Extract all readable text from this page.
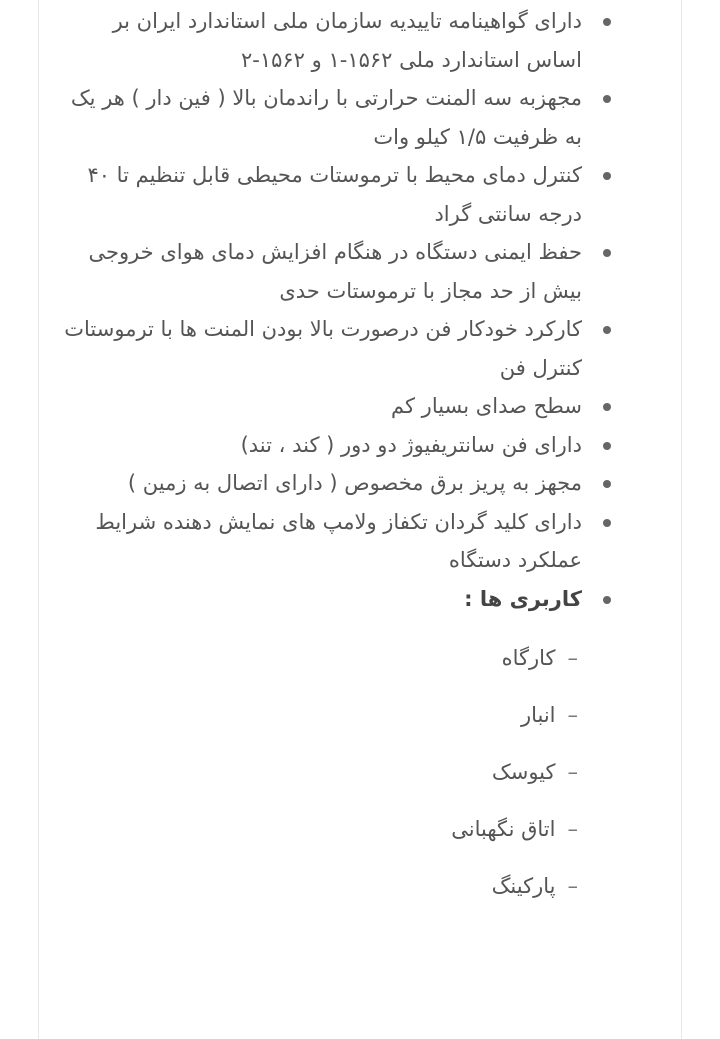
دارای گواهینامه تاییدیه سازمان ملی استاندارد ایران بر اساس استاندارد ملی ۱۵۶۲-۱ و ۱۵۶۲-۲
مجهزبه سه المنت حرارتی با راندمان بالا ( فین دار ) هر یک به ظرفیت ۱/۵ کیلو وات
کنترل دمای محیط با ترموستات محیطی قابل تنظیم تا ۴۰ درجه سانتی گراد
حفظ ایمنی دستگاه در هنگام افزایش دمای هوای خروجی بیش از حد مجاز با ترموستات حدی
کارکرد خودکار فن درصورت بالا بودن المنت ها با ترموستات کنترل فن
سطح صدای بسیار کم
دارای فن سانتریفیوژ دو دور ( کند ، تند)
مجهز به پریز برق مخصوص ( دارای اتصال به زمین )
دارای کلید گردان تکفاز ولامپ های نمایش دهنده شرایط عملکرد دستگاه
کاربری ها :
–کارگاه
–انبار
–کیوسک
–اتاق نگهبانی
–پارکینگ
